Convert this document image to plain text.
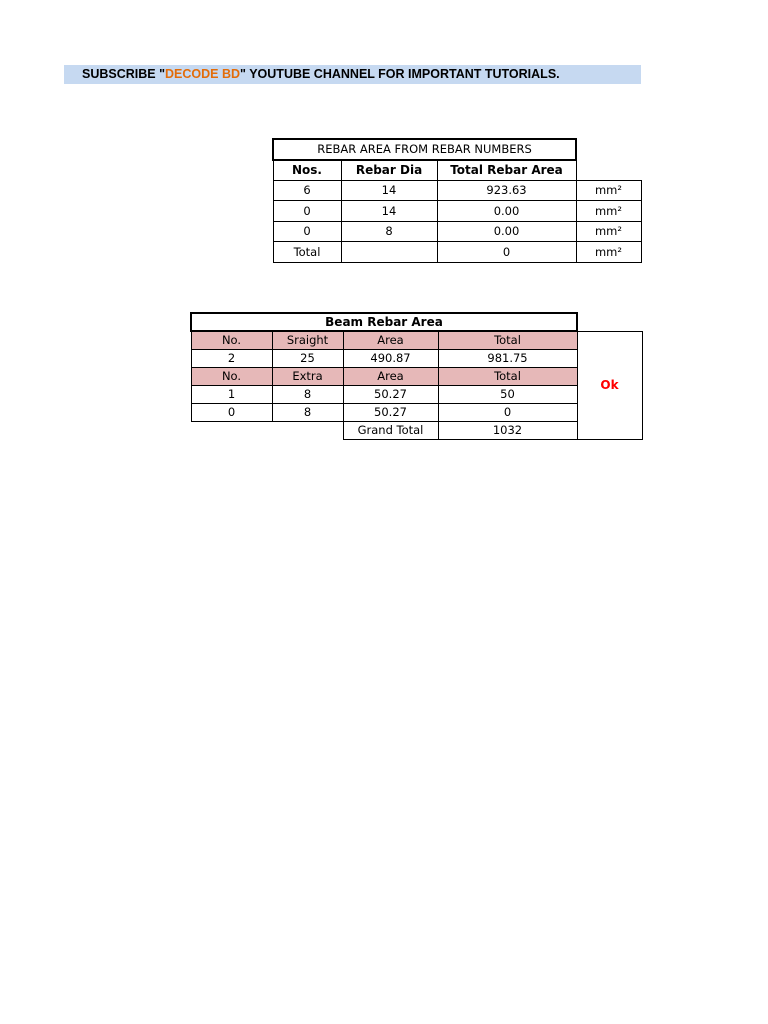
SUBSCRIBE "DECODE BD" YOUTUBE CHANNEL FOR IMPORTANT TUTORIALS.
REBAR AREA FROM REBAR NUMBERS			
Nos.	Rebar Dia	Total Rebar Area	
6	14	923.63	mm²
0	14	0.00	mm²
0	8	0.00	mm²
Total		0	mm²
Beam Rebar Area				
No.	Sraight	Area	Total	Ok
2	25	490.87	981.75	
No.	Extra	Area	Total	
1	8	50.27	50	
0	8	50.27	0	
		Grand Total	1032	
